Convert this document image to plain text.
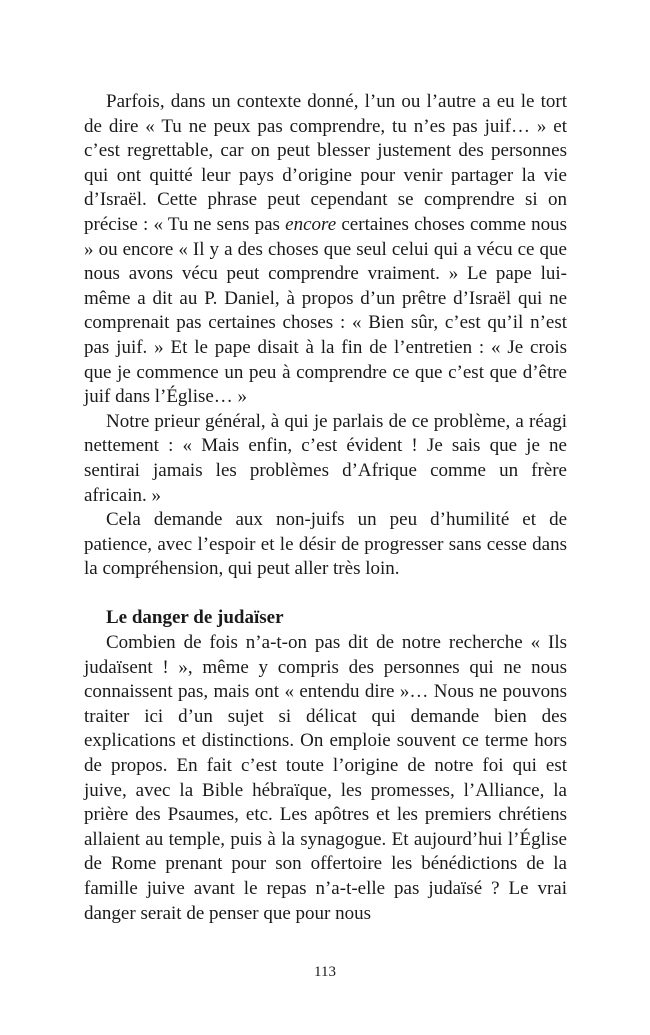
Parfois, dans un contexte donné, l’un ou l’autre a eu le tort de dire « Tu ne peux pas comprendre, tu n’es pas juif… » et c’est regrettable, car on peut blesser justement des personnes qui ont quitté leur pays d’origine pour venir partager la vie d’Israël. Cette phrase peut cependant se comprendre si on précise : « Tu ne sens pas encore certaines choses comme nous » ou encore « Il y a des choses que seul celui qui a vécu ce que nous avons vécu peut comprendre vraiment. » Le pape lui-même a dit au P. Daniel, à propos d’un prêtre d’Israël qui ne comprenait pas certaines choses : « Bien sûr, c’est qu’il n’est pas juif. » Et le pape disait à la fin de l’entretien : « Je crois que je commence un peu à comprendre ce que c’est que d’être juif dans l’Église… »

Notre prieur général, à qui je parlais de ce problème, a réagi nettement : « Mais enfin, c’est évident ! Je sais que je ne sentirai jamais les problèmes d’Afrique comme un frère africain. »

Cela demande aux non-juifs un peu d’humilité et de patience, avec l’espoir et le désir de progresser sans cesse dans la compréhension, qui peut aller très loin.

Le danger de judaïser

Combien de fois n’a-t-on pas dit de notre recherche « Ils judaïsent ! », même y compris des personnes qui ne nous connaissent pas, mais ont « entendu dire »… Nous ne pouvons traiter ici d’un sujet si délicat qui demande bien des explications et distinctions. On emploie souvent ce terme hors de propos. En fait c’est toute l’origine de notre foi qui est juive, avec la Bible hébraïque, les promesses, l’Alliance, la prière des Psaumes, etc. Les apôtres et les premiers chrétiens allaient au temple, puis à la synagogue. Et aujourd’hui l’Église de Rome prenant pour son offertoire les bénédictions de la famille juive avant le repas n’a-t-elle pas judaïsé ? Le vrai danger serait de penser que pour nous

113
